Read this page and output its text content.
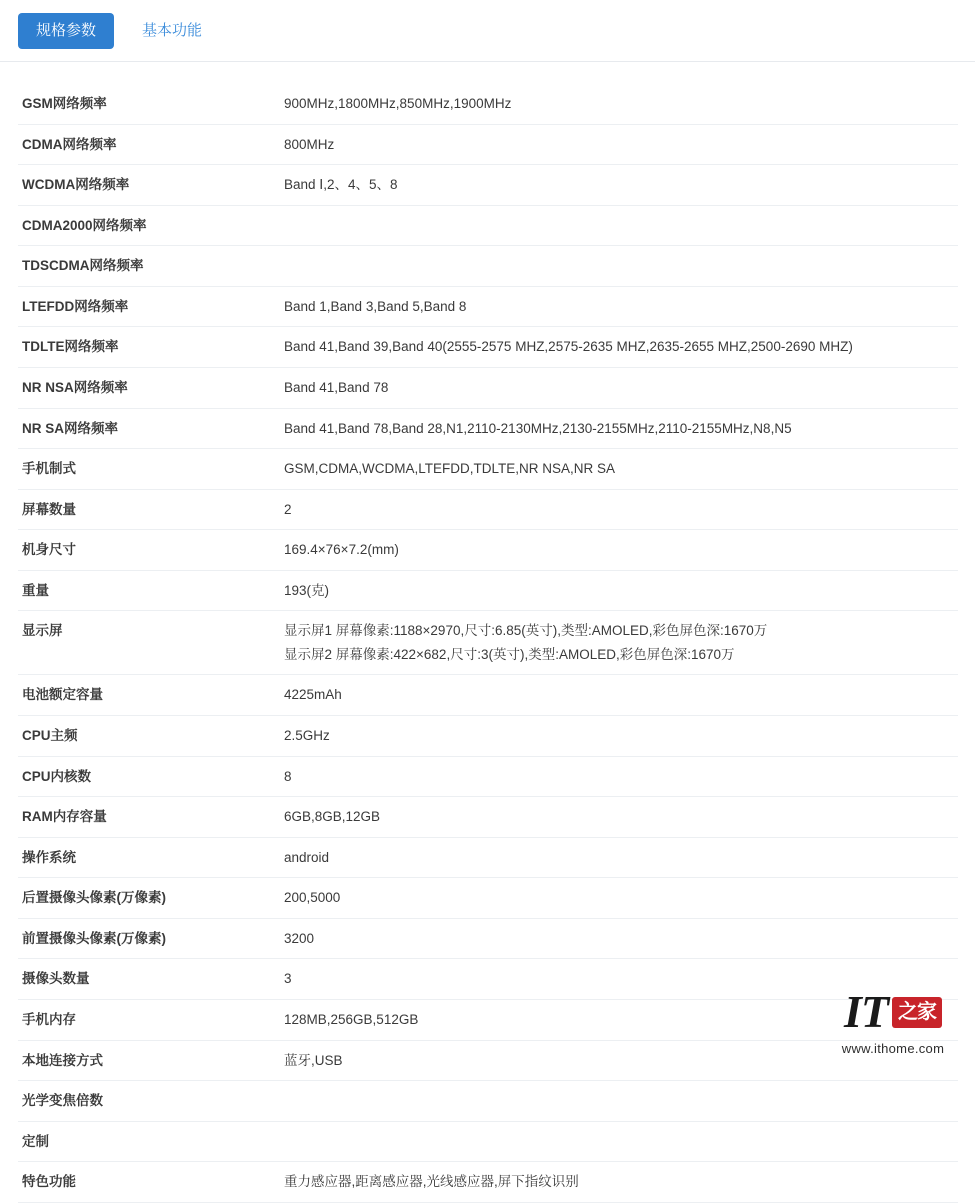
规格参数	基本功能
GSM网络频率	900MHz,1800MHz,850MHz,1900MHz

CDMA网络频率	800MHz

WCDMA网络频率	Band Ⅰ,2、4、5、8

CDMA2000网络频率	

TDSCDMA网络频率	

LTEFDD网络频率	Band 1,Band 3,Band 5,Band 8

TDLTE网络频率	Band 41,Band 39,Band 40(2555-2575 MHZ,2575-2635 MHZ,2635-2655 MHZ,2500-2690 MHZ)

NR NSA网络频率	Band 41,Band 78

NR SA网络频率	Band 41,Band 78,Band 28,N1,2110-2130MHz,2130-2155MHz,2110-2155MHz,N8,N5

手机制式	GSM,CDMA,WCDMA,LTEFDD,TDLTE,NR NSA,NR SA

屏幕数量	2

机身尺寸	169.4×76×7.2(mm)

重量	193(克)

显示屏	显示屏1 屏幕像素:1188×2970,尺寸:6.85(英寸),类型:AMOLED,彩色屏色深:1670万
显示屏2 屏幕像素:422×682,尺寸:3(英寸),类型:AMOLED,彩色屏色深:1670万

电池额定容量	4225mAh

CPU主频	2.5GHz

CPU内核数	8

RAM内存容量	6GB,8GB,12GB

操作系统	android

后置摄像头像素(万像素)	200,5000

前置摄像头像素(万像素)	3200

摄像头数量	3

手机内存	128MB,256GB,512GB

本地连接方式	蓝牙,USB

光学变焦倍数	

定制	

特色功能	重力感应器,距离感应器,光线感应器,屏下指纹识别
IT 之家
www.ithome.com
